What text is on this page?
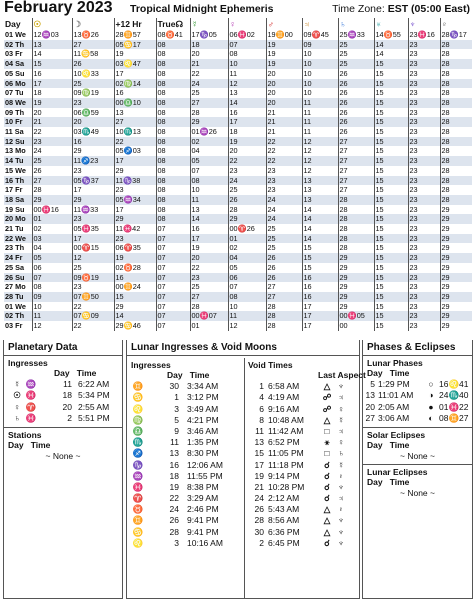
February 2023 Tropical Midnight Ephemeris	Time Zone: EST (05:00 East)
Day	☉	☽	+12 Hr	True☊	☿	♀	♂	♃	♄	♅	♆	♇
01 We	12♒03	13♉26	28♊57	08♉41	17♑05	06♓02	19♊00	09♈45	25♒33	14♉55	23♓16	28♑17
02 Th	13	27	05♋17	08	18	07	19	09	25	14	23	28
03 Fr	14	11♋58	19	08	20	08	19	10	25	14	23	28
04 Sa	15	26	03♌47	08	21	10	19	10	25	15	23	28
05 Su	16	10♌33	17	08	22	11	20	10	26	15	23	28
06 Mo	17	25	02♍14	08	24	12	20	10	26	15	23	28
07 Tu	18	09♍19	16	08	25	13	20	10	26	15	23	28
08 We	19	23	00♎10	08	27	14	20	11	26	15	23	28
09 Th	20	06♎59	13	08	28	16	21	11	26	15	23	28
10 Fr	21	20	27	08	29	17	21	11	26	15	23	28
11 Sa	22	03♏49	10♏13	08	01♒26	18	21	11	26	15	23	28
12 Su	23	16	22	08	02	19	22	12	27	15	23	28
13 Mo	24	29	05♐03	08	04	20	22	12	27	15	23	28
14 Tu	25	11♐23	17	08	05	22	22	12	27	15	23	28
15 We	26	23	29	08	07	23	23	12	27	15	23	28
16 Th	27	05♑37	11♑38	08	08	24	23	13	27	15	23	28
17 Fr	28	17	23	08	10	25	23	13	27	15	23	28
18 Sa	29	29	05♒34	08	11	26	24	13	28	15	23	28
19 Su	00♓16	11♒33	17	08	13	28	24	14	28	15	23	29
20 Mo	01	23	29	08	14	29	24	14	28	15	23	29
21 Tu	02	05♓35	11♓42	07	16	00♈26	25	14	28	15	23	29
22 We	03	17	23	07	17	01	25	14	28	15	23	29
23 Th	04	00♈15	06♈35	07	19	02	25	15	28	15	23	29
24 Fr	05	12	19	07	20	04	26	15	29	15	23	29
25 Sa	06	25	02♉28	07	22	05	26	15	29	15	23	29
26 Su	07	09♉19	16	07	23	06	26	16	29	15	23	29
27 Mo	08	23	00♊24	07	25	07	27	16	29	15	23	29
28 Tu	09	07♊50	15	07	27	08	27	16	29	15	23	29
01 We	10	22	29	07	28	10	28	17	29	15	23	29
02 Th	11	07♋09	14	07	00♓07	11	28	17	00♓05	15	23	29
03 Fr	12	22	29♋46	07	01	12	28	17	00	15	23	29
Planetary Data
Ingresses
Day Time
☿ ♒	11 6:22 AM
☉ ♓	18 5:34 PM
♀ ♈	20 2:55 AM
♄ ♓	2 5:51 PM
Stations
Day Time
~ None ~
Lunar Ingresses & Void Moons
Ingresses
Day Time
♊	30 3:34 AM
♋	1 3:12 PM
♌	3 3:49 AM
♍	5 4:21 PM
♎	9 3:46 AM
♏	11 1:35 PM
♐	13 8:30 PM
♑	16 12:06 AM
♒	18 11:55 PM
♓	19 8:38 PM
♈	22 3:29 AM
♉	24 2:46 PM
♊	26 9:41 PM
♋	28 9:41 PM
♌	3 10:16 AM
Void Times
Last Aspect
1 6:58 AM	△ ♆
4 4:19 AM	☍ ♃
6 9:16 AM	☍ ♀
8 10:48 AM △ ☿
11 11:42 AM □ ♃
13 6:52 PM	⚹ ♀
15 11:05 PM □ ♄
17 11:18 PM ☌ ☿
19 9:14 PM	☌ ♇
21 10:28 PM ☌ ♆
24 2:12 AM	☌ ♃
26 5:43 AM	△ ♇
28 8:56 AM	△ ♆
30 6:36 PM	△ ♆
2 6:45 PM	☌ ♆
Phases & Eclipses
Lunar Phases
Day Time
5 1:29 PM ○ 16♌41
13 11:01 AM ◑ 24♏40
20 2:05 AM ● 01♓22
27 3:06 AM ◐ 08♊27
Solar Eclipses
Day Time
~ None ~
Lunar Eclipses
Day Time
~ None ~
